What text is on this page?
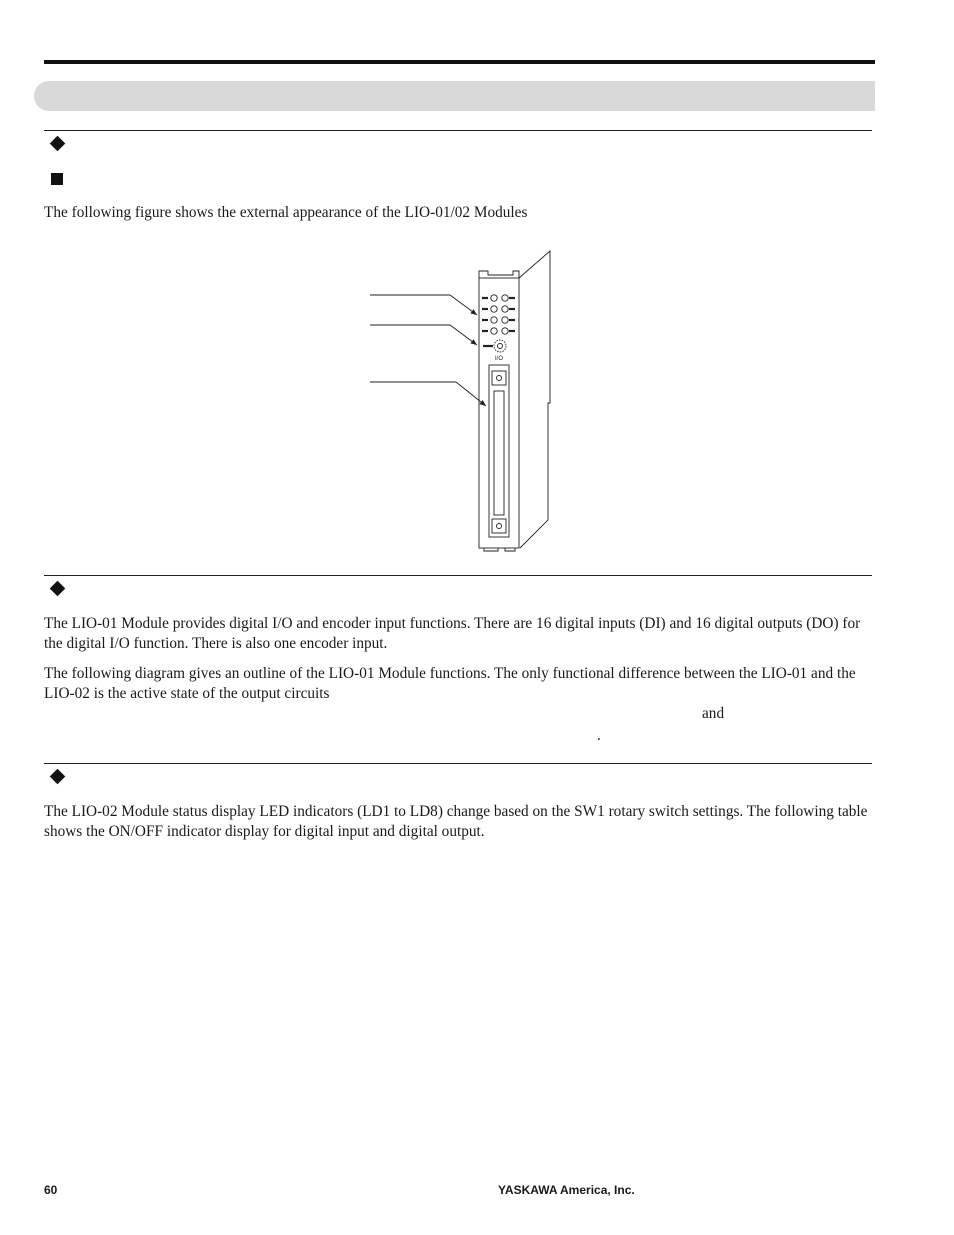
The following figure shows the external appearance of the LIO-01/02 Modules
I/O
The LIO-01 Module provides digital I/O and encoder input functions. There are 16 digital inputs (DI) and 16 digital outputs (DO) for the digital I/O function. There is also one encoder input.
The following diagram gives an outline of the LIO-01 Module functions. The only functional difference between the LIO-01 and the LIO-02 is the active state of the output circuits
and
.
The LIO-02 Module status display LED indicators (LD1 to LD8) change based on the SW1 rotary switch settings. The following table shows the ON/OFF indicator display for digital input and digital output.
60	YASKAWA America, Inc.
